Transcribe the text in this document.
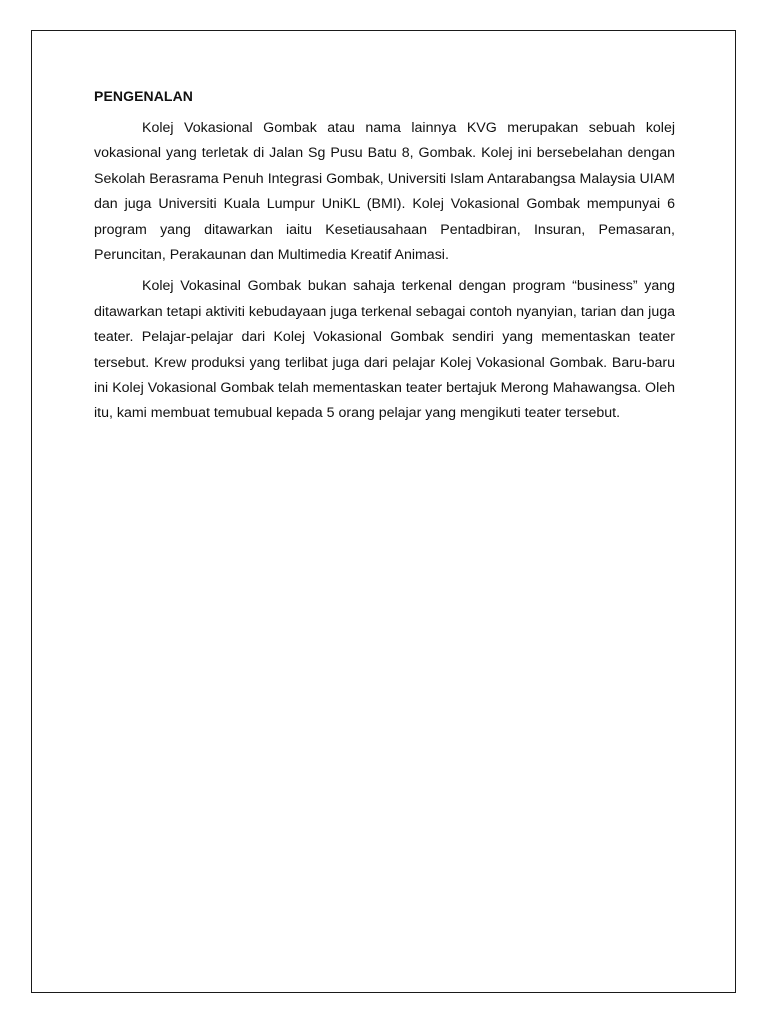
PENGENALAN

Kolej Vokasional Gombak atau nama lainnya KVG merupakan sebuah kolej vokasional yang terletak di Jalan Sg Pusu Batu 8, Gombak. Kolej ini bersebelahan dengan Sekolah Berasrama Penuh Integrasi Gombak, Universiti Islam Antarabangsa Malaysia UIAM dan juga Universiti Kuala Lumpur UniKL (BMI). Kolej Vokasional Gombak mempunyai 6 program yang ditawarkan iaitu Kesetiausahaan Pentadbiran, Insuran, Pemasaran, Peruncitan, Perakaunan dan Multimedia Kreatif Animasi.

Kolej Vokasinal Gombak bukan sahaja terkenal dengan program “business” yang ditawarkan tetapi aktiviti kebudayaan juga terkenal sebagai contoh nyanyian, tarian dan juga teater. Pelajar-pelajar dari Kolej Vokasional Gombak sendiri yang mementaskan teater tersebut. Krew produksi yang terlibat juga dari pelajar Kolej Vokasional Gombak. Baru-baru ini Kolej Vokasional Gombak telah mementaskan teater bertajuk Merong Mahawangsa. Oleh itu, kami membuat temubual kepada 5 orang pelajar yang mengikuti teater tersebut.
